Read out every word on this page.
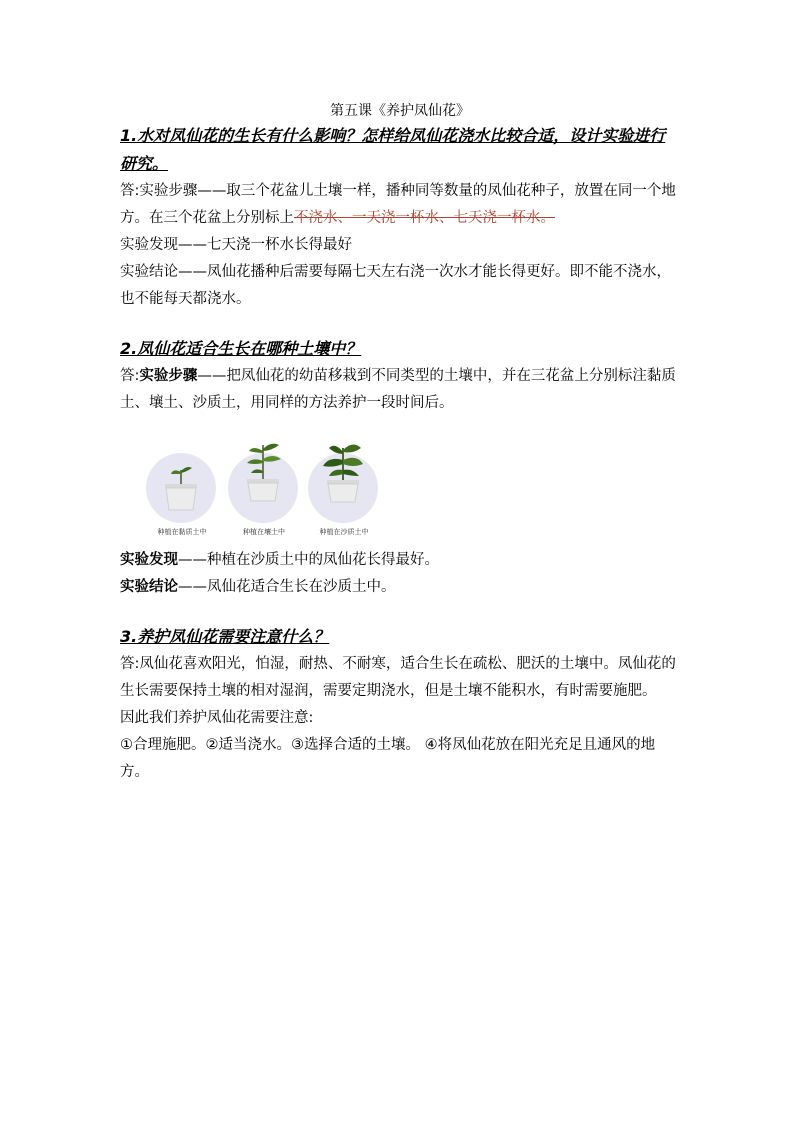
第五课《养护凤仙花》

1.水对凤仙花的生长有什么影响？怎样给凤仙花浇水比较合适，设计实验进行研究。

答:实验步骤——取三个花盆儿土壤一样，播种同等数量的凤仙花种子，放置在同一个地方。在三个花盆上分别标上不浇水、一天浇一杯水、七天浇一杯水。

实验发现——七天浇一杯水长得最好

实验结论——凤仙花播种后需要每隔七天左右浇一次水才能长得更好。即不能不浇水，也不能每天都浇水。

2.凤仙花适合生长在哪种土壤中？

答:实验步骤——把凤仙花的幼苗移栽到不同类型的土壤中，并在三花盆上分别标注黏质土、壤土、沙质土，用同样的方法养护一段时间后。

种植在黏质土中	种植在壤土中	种植在沙质土中

实验发现——种植在沙质土中的凤仙花长得最好。

实验结论——凤仙花适合生长在沙质土中。

3.养护凤仙花需要注意什么？

答:凤仙花喜欢阳光，怕湿，耐热、不耐寒，适合生长在疏松、肥沃的土壤中。凤仙花的生长需要保持土壤的相对湿润，需要定期浇水，但是土壤不能积水，有时需要施肥。

因此我们养护凤仙花需要注意:

①合理施肥。②适当浇水。③选择合适的土壤。 ④将凤仙花放在阳光充足且通风的地方。
